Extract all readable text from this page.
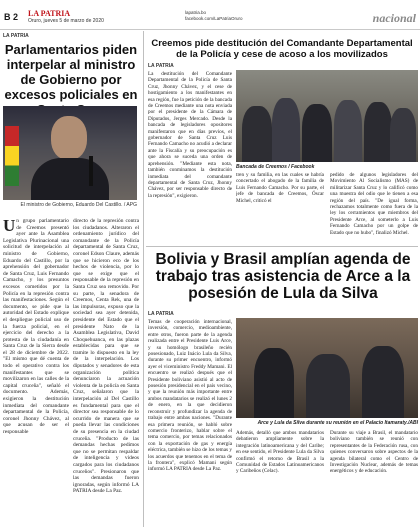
B 2 LA PATRIA
Oruro, jueves 5 de marzo de 2020
lapatria.bo
facebook.com/LaPatriaOruro	nacional
LA PATRIA
Parlamentarios piden interpelar al ministro de Gobierno por excesos policiales en
El ministro de Gobierno, Eduardo Del Castillo. / APG
Un grupo parlamentario de Creemos presentó ayer ante la Asamblea Legislativa Plurinacional una solicitud de interpelación al ministro de Gobierno, Eduardo del Castillo, por la aprehensión del gobernador de Santa Cruz, Luis Fernando Camacho, y los presuntos excesos cometidos por la Policía en la represión contra las manifestaciones. Según el documento, se pide que la autoridad del Estado explique el despliegue policial uso de la fuerza policial, en el ejercicio del derecho a la protesta de la ciudadanía en Santa Cruz de la Sierra desde el 28 de diciembre de 2022. "El mismo que dé cuenta de todo el operativo contra los manifestantes que se movilizaron en las calles de la capital cruceña", señaló el documento. Además, exigieron la destitución inmediata del comandante departamental de la Policía, coronel Jhonny Chávez, al que acusan de ser el responsable
directo de la represión contra los ciudadanos. Alteraron el ordenamiento jurídico del comandante de la Policía departamental de Santa Cruz, coronel Edson Claure, además que se hicieron eco de los hechos de violencia, por lo que se exige que el responsable de la represión en Santa Cruz sea removido. Por su parte, la senadora de Creemos, Centa Rek, una de las impulsoras, expuso que la sociedad sea ayer detenida, presidente del Estado que el presidente Nato de la Asamblea Legislativa, David Choquehuanca, en las plazas establecidas para que se tramite lo dispuesto en la ley de la interpelación. Los diputados y senadores de esta organización política denunciaron la actuación violenta de la policía en Santa Cruz, señalaron que la interpelación al Del Castillo es fundamental para que el director sea responsable de lo ocurrido de manera que se pueda llevar las condiciones de su presencia en la ciudad cruceña. "Producto de las demandas hechas pedimos que no se permitan respaldar de inteligencia y videos cargados para los ciudadanos cruceños". Presionaron que las demandas fueron ignoradas, según informó LA PATRIA desde La Paz.
Creemos pide destitución del Comandante Departamental de la Policía y cese de acoso a los movilizados
LA PATRIA
La destitución del Comandante Departamental de la Policía de Santa Cruz, Jhonny Chávez, y el cese de hostigamiento a los manifestantes en esa región, fue la petición de la bancada de Creemos mediante una nota enviada por el presidente de la Cámara de Diputados, Jerges Mercado. Desde la bancada de legisladores opositores manifestaron que en días previos, el gobernador de Santa Cruz Luis Fernando Camacho no acudió a declarar ante la Fiscalía y su preocupación es que ahora se suceda una orden de aprehensión. "Mediante esta nota, también conminamos la destitución inmediata del comandante departamental de Santa Cruz, Jhonny Chávez, por ser responsable directo de la represión", exigieron.
Bancada de Creemos / Facebook
tren y su familia, en las cuales se habría concertado el abogado de la familia de Luis Fernando Camacho. Por su parte, el jefe de bancada de Creemos, Óscar Michel, criticó el
pedido de algunos legisladores del Movimiento Al Socialismo (MAS) de militarizar Santa Cruz y lo calificó como una muestra del odio que le tienen a esa región del país. "De igual forma, rechazamos totalmente como fuera de la ley los cerramientos que miembros del Presidente Arce, al someterlo a Luis Fernando Camacho por un golpe de Estado que no hubo", finalizó Michel.
Bolivia y Brasil amplían agenda de trabajo tras asistencia de Arce a la posesión de Lula da Silva
LA PATRIA
Temas de cooperación internacional, inversión, comercio, medioambiente, entre otros, fueron parte de la agenda realizada entre el Presidente Luis Arce, y su homólogo brasileño recién posesionado, Luiz Inácio Lula da Silva, durante su primer encuentro, informó ayer el viceministro Freddy Mamani. El encuentro se realizó después que el Presidente boliviano asistió al acto de posesión presidencial en el país vecino, y que la reunión más importante entre ambos mandatarios se realizó el lunes 2 de enero, en la que decidieron reconstruir y profundizar la agenda de trabajo entre ambas naciones. "Durante esa primera reunión, se habló sobre comercio fronterizo, hablar sobre el tema comercio, por temas relacionados con la exportación de gas y energía eléctrica, también se hizo de los temas y los acuerdos que tenemos en el tema de la frontera", explicó Mamani según informó LA PATRIA desde La Paz.
Arce y Lula da Silva durante su reunión en el Palacio Itamaraty./ABI
Además, detalló que ambos mandatarios debatieron ampliamente sobre la integración latinoamericana y del Caribe; en ese sentido, el Presidente Lula da Silva confirmó el retorno de Brasil a la Comunidad de Estados Latinoamericanos y Caribeños (Celac).
Durante su viaje a Brasil, el mandatario boliviano también se reunió con representantes de la Federación rusa, con quienes conversaron sobre aspectos de la agenda bilateral como el Centro de Investigación Nuclear, además de temas energéticos y de educación.
